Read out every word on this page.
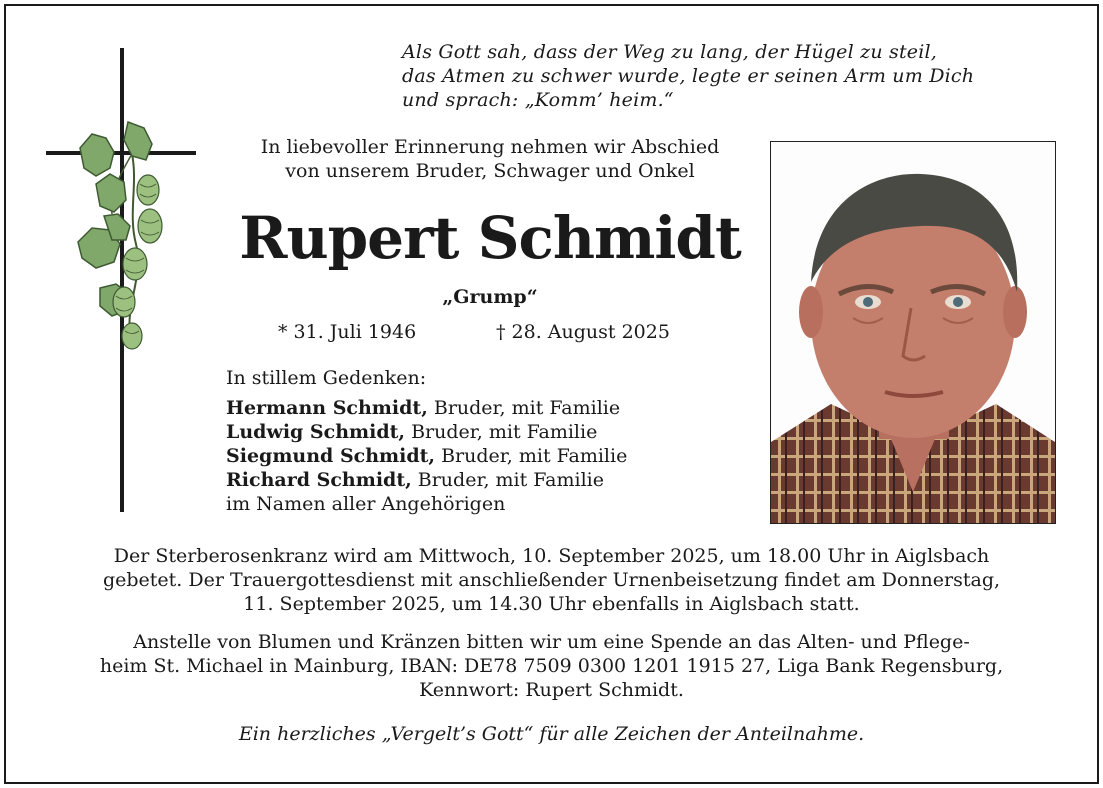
Als Gott sah, dass der Weg zu lang, der Hügel zu steil,
das Atmen zu schwer wurde, legte er seinen Arm um Dich
und sprach: „Komm’ heim.“
In liebevoller Erinnerung nehmen wir Abschied
von unserem Bruder, Schwager und Onkel
Rupert Schmidt
„Grump“
* 31. Juli 1946	† 28. August 2025
In stillem Gedenken:
Hermann Schmidt, Bruder, mit Familie
Ludwig Schmidt, Bruder, mit Familie
Siegmund Schmidt, Bruder, mit Familie
Richard Schmidt, Bruder, mit Familie
im Namen aller Angehörigen
Der Sterberosenkranz wird am Mittwoch, 10. September 2025, um 18.00 Uhr in Aiglsbach
gebetet. Der Trauergottesdienst mit anschließender Urnenbeisetzung findet am Donnerstag,
11. September 2025, um 14.30 Uhr ebenfalls in Aiglsbach statt.
Anstelle von Blumen und Kränzen bitten wir um eine Spende an das Alten- und Pflege-
heim St. Michael in Mainburg, IBAN: DE78 7509 0300 1201 1915 27, Liga Bank Regensburg,
Kennwort: Rupert Schmidt.
Ein herzliches „Vergelt’s Gott“ für alle Zeichen der Anteilnahme.
